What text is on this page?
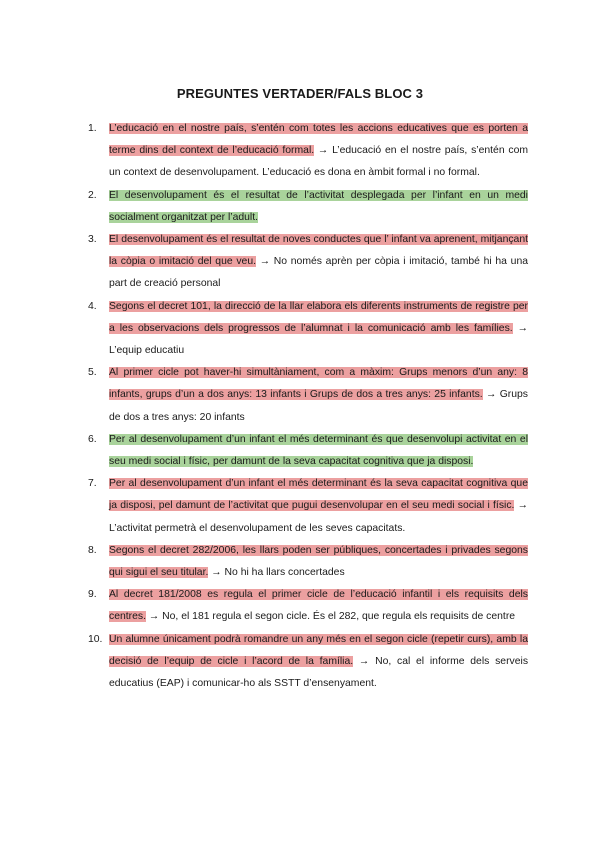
PREGUNTES VERTADER/FALS BLOC 3
1. L’educació en el nostre país, s’entén com totes les accions educatives que es porten a terme dins del context de l’educació formal. → L’educació en el nostre país, s’entén com un context de desenvolupament. L’educació es dona en àmbit formal i no formal.
2. El desenvolupament és el resultat de l’activitat desplegada per l’infant en un medi socialment organitzat per l’adult.
3. El desenvolupament és el resultat de noves conductes que l’ infant va aprenent, mitjançant la còpia o imitació del que veu. → No només aprèn per còpia i imitació, també hi ha una part de creació personal
4. Segons el decret 101, la direcció de la llar elabora els diferents instruments de registre per a les observacions dels progressos de l’alumnat i la comunicació amb les famílies. → L’equip educatiu
5. Al primer cicle pot haver-hi simultàniament, com a màxim: Grups menors d’un any: 8 infants, grups d’un a dos anys: 13 infants i Grups de dos a tres anys: 25 infants. → Grups de dos a tres anys: 20 infants
6. Per al desenvolupament d’un infant el més determinant és que desenvolupi activitat en el seu medi social i físic, per damunt de la seva capacitat cognitiva que ja disposi.
7. Per al desenvolupament d’un infant el més determinant és la seva capacitat cognitiva que ja disposi, pel damunt de l’activitat que pugui desenvolupar en el seu medi social i físic. → L’activitat permetrà el desenvolupament de les seves capacitats.
8. Segons el decret 282/2006, les llars poden ser públiques, concertades i privades segons qui sigui el seu titular. → No hi ha llars concertades
9. Al decret 181/2008 es regula el primer cicle de l’educació infantil i els requisits dels centres. → No, el 181 regula el segon cicle. És el 282, que regula els requisits de centre
10. Un alumne únicament podrà romandre un any més en el segon cicle (repetir curs), amb la decisió de l’equip de cicle i l’acord de la família. → No, cal el informe dels serveis educatius (EAP) i comunicar-ho als SSTT d’ensenyament.
